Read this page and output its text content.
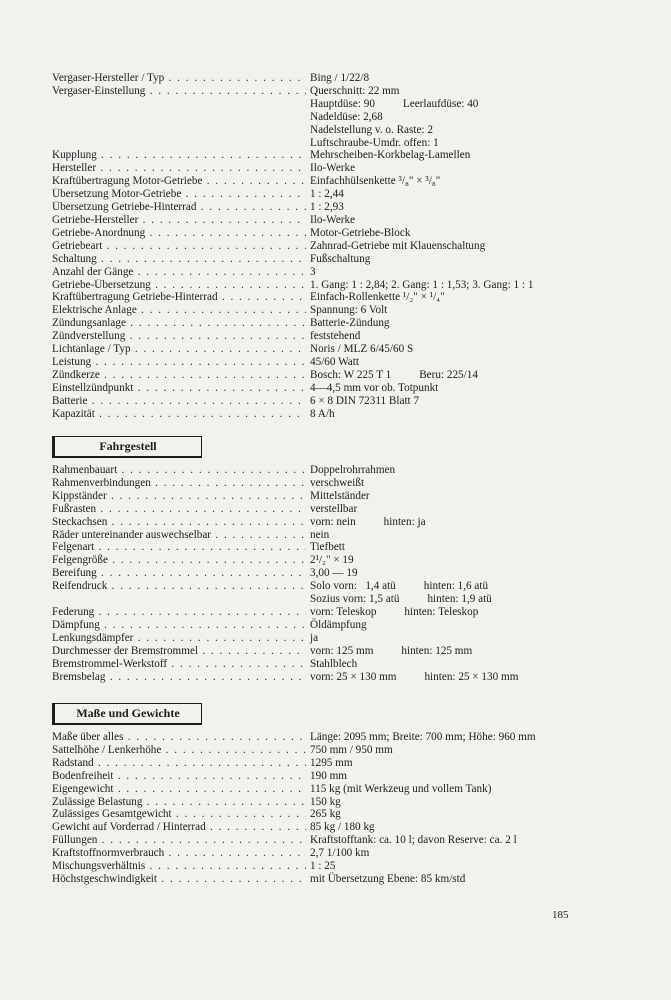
Vergaser-Hersteller / Typ . . .	Bing / 1/22/8
Vergaser-Einstellung . . .	Querschnitt: 22 mm
Hauptdüse: 90          Leerlaufdüse: 40
Nadeldüse: 2,68
Nadelstellung v. o. Raste: 2
Luftschraube-Umdr. offen: 1
Kupplung . . .	Mehrscheiben-Korkbelag-Lamellen
Hersteller . . .	Ilo-Werke
Kraftübertragung Motor-Getriebe . . .	Einfachhülsenkette ³/₈" × ³/₈"
Übersetzung Motor-Getriebe . . .	1 : 2,44
Übersetzung Getriebe-Hinterrad . . .	1 : 2,93
Getriebe-Hersteller . . .	Ilo-Werke
Getriebe-Anordnung . . .	Motor-Getriebe-Block
Getriebeart . . .	Zahnrad-Getriebe mit Klauenschaltung
Schaltung . . .	Fußschaltung
Anzahl der Gänge . . .	3
Getriebe-Übersetzung . . .	1. Gang: 1 : 2,84; 2. Gang: 1 : 1,53; 3. Gang: 1 : 1
Kraftübertragung Getriebe-Hinterrad . . .	Einfach-Rollenkette ¹/₂" × ¹/₄"
Elektrische Anlage . . .	Spannung: 6 Volt
Zündungsanlage . . .	Batterie-Zündung
Zündverstellung . . .	feststehend
Lichtanlage / Typ . . .	Noris / MLZ 6/45/60 S
Leistung . . .	45/60 Watt
Zündkerze . . .	Bosch: W 225 T 1          Beru: 225/14
Einstellzündpunkt . . .	4—4,5 mm vor ob. Totpunkt
Batterie . . .	6 × 8 DIN 72311 Blatt 7
Kapazität . . .	8 A/h
Fahrgestell
Rahmenbauart . . .	Doppelrohrrahmen
Rahmenverbindungen . . .	verschweißt
Kippständer . . .	Mittelständer
Fußrasten . . .	verstellbar
Steckachsen . . .	vorn: nein          hinten: ja
Räder untereinander auswechselbar . . .	nein
Felgenart . . .	Tiefbett
Felgengröße . . .	2¹/₂" × 19
Bereifung . . .	3,00 — 19
Reifendruck . . .	Solo vorn:   1,4 atü          hinten: 1,6 atü
Sozius vorn: 1,5 atü          hinten: 1,9 atü
Federung . . .	vorn: Teleskop          hinten: Teleskop
Dämpfung . . .	Öldämpfung
Lenkungsdämpfer . . .	ja
Durchmesser der Bremstrommel . . .	vorn: 125 mm          hinten: 125 mm
Bremstrommel-Werkstoff . . .	Stahlblech
Bremsbelag . . .	vorn: 25 × 130 mm          hinten: 25 × 130 mm
Maße und Gewichte
Maße über alles . . .	Länge: 2095 mm; Breite: 700 mm; Höhe: 960 mm
Sattelhöhe / Lenkerhöhe . . .	750 mm / 950 mm
Radstand . . .	1295 mm
Bodenfreiheit . . .	190 mm
Eigengewicht . . .	115 kg (mit Werkzeug und vollem Tank)
Zulässige Belastung . . .	150 kg
Zulässiges Gesamtgewicht . . .	265 kg
Gewicht auf Vorderrad / Hinterrad . . .	85 kg / 180 kg
Füllungen . . .	Kraftstofftank: ca. 10 l; davon Reserve: ca. 2 l
Kraftstoffnormverbrauch . . .	2,7 1/100 km
Mischungsverhältnis . . .	1 : 25
Höchstgeschwindigkeit . . .	mit Übersetzung Ebene: 85 km/std
185
